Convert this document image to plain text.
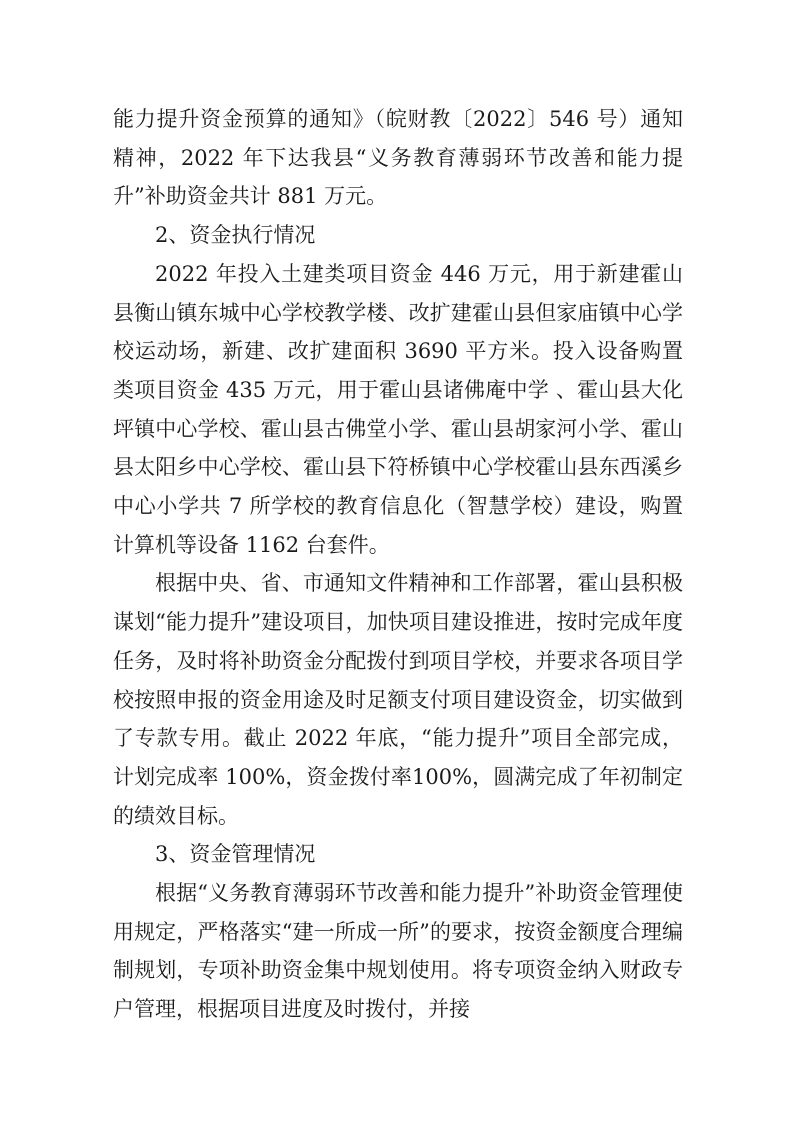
能力提升资金预算的通知》（皖财教〔2022〕546 号）通知精神，2022 年下达我县“义务教育薄弱环节改善和能力提升”补助资金共计 881 万元。

2、资金执行情况

2022 年投入土建类项目资金 446 万元，用于新建霍山县衡山镇东城中心学校教学楼、改扩建霍山县但家庙镇中心学校运动场，新建、改扩建面积 3690 平方米。投入设备购置类项目资金 435 万元，用于霍山县诸佛庵中学 、霍山县大化坪镇中心学校、霍山县古佛堂小学、霍山县胡家河小学、霍山县太阳乡中心学校、霍山县下符桥镇中心学校霍山县东西溪乡中心小学共 7 所学校的教育信息化（智慧学校）建设，购置计算机等设备 1162 台套件。

根据中央、省、市通知文件精神和工作部署，霍山县积极谋划“能力提升”建设项目，加快项目建设推进，按时完成年度任务，及时将补助资金分配拨付到项目学校，并要求各项目学校按照申报的资金用途及时足额支付项目建设资金，切实做到了专款专用。截止 2022 年底，“能力提升”项目全部完成，计划完成率 100%，资金拨付率100%，圆满完成了年初制定的绩效目标。

3、资金管理情况

根据“义务教育薄弱环节改善和能力提升”补助资金管理使用规定，严格落实“建一所成一所”的要求，按资金额度合理编制规划，专项补助资金集中规划使用。将专项资金纳入财政专户管理，根据项目进度及时拨付，并接
